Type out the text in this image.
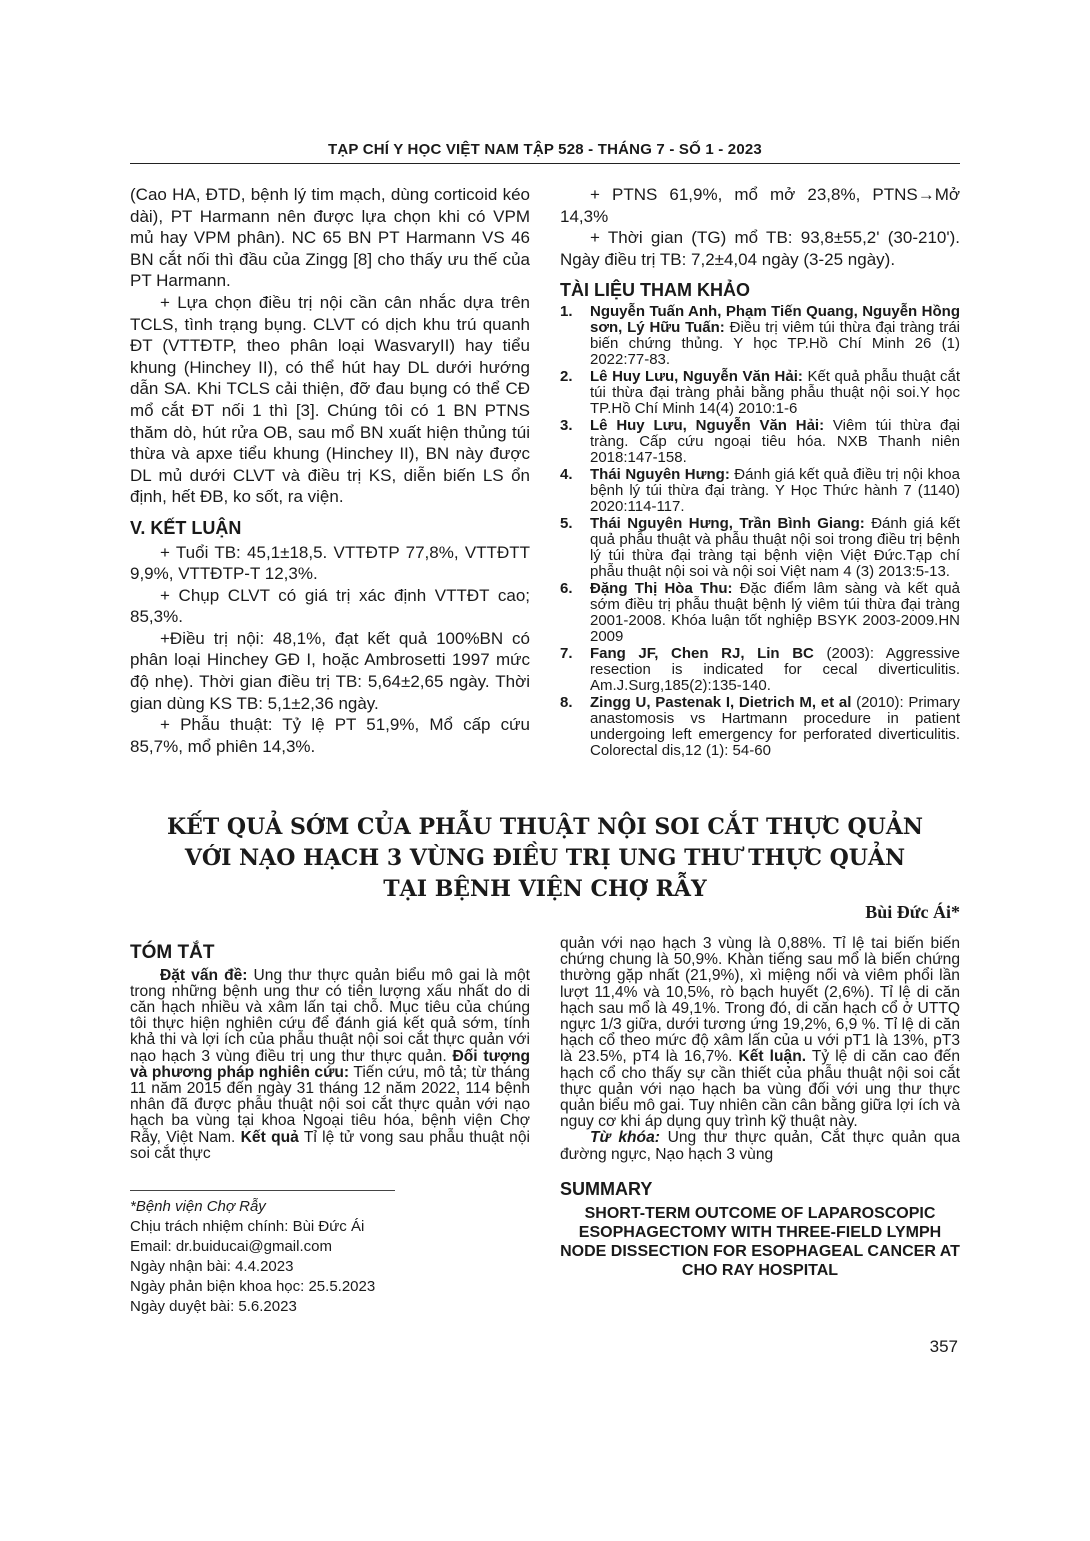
TẠP CHÍ Y HỌC VIỆT NAM TẬP 528 - THÁNG 7 - SỐ 1 - 2023

(Cao HA, ĐTD, bệnh lý tim mạch, dùng corticoid kéo dài), PT Harmann nên được lựa chọn khi có VPM mủ hay VPM phân). NC 65 BN PT Harmann VS 46 BN cắt nối thì đầu của Zingg [8] cho thấy ưu thế của PT Harmann.

+ Lựa chọn điều trị nội cần cân nhắc dựa trên TCLS, tình trạng bụng. CLVT có dịch khu trú quanh ĐT (VTTĐTP, theo phân loại WasvaryII) hay tiểu khung (Hinchey II), có thể hút hay DL dưới hướng dẫn SA. Khi TCLS cải thiện, đỡ đau bụng có thể CĐ mổ cắt ĐT nối 1 thì [3]. Chúng tôi có 1 BN PTNS thăm dò, hút rửa OB, sau mổ BN xuất hiện thủng túi thừa và apxe tiểu khung (Hinchey II), BN này được DL mủ dưới CLVT và điều trị KS, diễn biến LS ổn định, hết ĐB, ko sốt, ra viện.

V. KẾT LUẬN

+ Tuổi TB: 45,1±18,5. VTTĐTP 77,8%, VTTĐTT 9,9%, VTTĐTP-T 12,3%.

+ Chụp CLVT có giá trị xác định VTTĐT cao; 85,3%.

+Điều trị nội: 48,1%, đạt kết quả 100%BN có phân loại Hinchey GĐ I, hoặc Ambrosetti 1997 mức độ nhẹ). Thời gian điều trị TB: 5,64±2,65 ngày. Thời gian dùng KS TB: 5,1±2,36 ngày.

+ Phẫu thuật: Tỷ lệ PT 51,9%, Mổ cấp cứu 85,7%, mổ phiên 14,3%.

+ PTNS 61,9%, mổ mở 23,8%, PTNS→Mở 14,3%

+ Thời gian (TG) mổ TB: 93,8±55,2' (30-210'). Ngày điều trị TB: 7,2±4,04 ngày (3-25 ngày).

TÀI LIỆU THAM KHẢO
1.	Nguyễn Tuấn Anh, Phạm Tiến Quang, Nguyễn Hồng sơn, Lý Hữu Tuấn: Điều trị viêm túi thừa đại tràng trái biến chứng thủng. Y học TP.Hồ Chí Minh 26 (1) 2022:77-83.
2.	Lê Huy Lưu, Nguyễn Văn Hải: Kết quả phẫu thuật cắt túi thừa đại tràng phải bằng phẫu thuật nội soi.Y học TP.Hồ Chí Minh 14(4) 2010:1-6
3.	Lê Huy Lưu, Nguyễn Văn Hải: Viêm túi thừa đại tràng. Cấp cứu ngoại tiêu hóa. NXB Thanh niên 2018:147-158.
4.	Thái Nguyên Hưng: Đánh giá kết quả điều trị nội khoa bệnh lý túi thừa đại tràng. Y Học Thức hành 7 (1140) 2020:114-117.
5.	Thái Nguyên Hưng, Trần Bình Giang: Đánh giá kết quả phẫu thuật và phẫu thuật nội soi trong điều trị bệnh lý túi thừa đại tràng tại bệnh viện Việt Đức.Tạp chí phẫu thuật nội soi và nội soi Việt nam 4 (3) 2013:5-13.
6.	Đặng Thị Hòa Thu: Đặc điểm lâm sàng và kết quả sớm điều trị phẫu thuật bệnh lý viêm túi thừa đại tràng 2001-2008. Khóa luận tốt nghiệp BSYK 2003-2009.HN 2009
7.	Fang JF, Chen RJ, Lin BC (2003): Aggressive resection is indicated for cecal diverticulitis. Am.J.Surg,185(2):135-140.
8.	Zingg U, Pastenak I, Dietrich M, et al (2010): Primary anastomosis vs Hartmann procedure in patient undergoing left emergency for perforated diverticulitis. Colorectal dis,12 (1): 54-60
KẾT QUẢ SỚM CỦA PHẪU THUẬT NỘI SOI CẮT THỰC QUẢN
VỚI NẠO HẠCH 3 VÙNG ĐIỀU TRỊ UNG THƯ THỰC QUẢN
TẠI BỆNH VIỆN CHỢ RẪY
Bùi Đức Ái*
TÓM TẮT

Đặt vấn đề: Ung thư thực quản biểu mô gai là một trong những bệnh ung thư có tiên lượng xấu nhất do di căn hạch nhiều và xâm lấn tại chỗ. Mục tiêu của chúng tôi thực hiện nghiên cứu để đánh giá kết quả sớm, tính khả thi và lợi ích của phẫu thuật nội soi cắt thực quản với nạo hạch 3 vùng điều trị ung thư thực quản. Đối tượng và phương pháp nghiên cứu: Tiến cứu, mô tả; từ tháng 11 năm 2015 đến ngày 31 tháng 12 năm 2022, 114 bệnh nhân đã được phẫu thuật nội soi cắt thực quản với nạo hạch ba vùng tại khoa Ngoại tiêu hóa, bệnh viện Chợ Rẫy, Việt Nam. Kết quả Tỉ lệ tử vong sau phẫu thuật nội soi cắt thực

*Bệnh viện Chợ Rẫy
Chịu trách nhiệm chính: Bùi Đức Ái
Email: dr.buiducai@gmail.com
Ngày nhận bài: 4.4.2023
Ngày phản biện khoa học: 25.5.2023
Ngày duyệt bài: 5.6.2023

quản với nạo hạch 3 vùng là 0,88%. Tỉ lệ tai biến biến chứng chung là 50,9%. Khàn tiếng sau mổ là biến chứng thường gặp nhất (21,9%), xì miệng nối và viêm phổi lần lượt 11,4% và 10,5%, rò bạch huyết (2,6%). Tỉ lệ di căn hạch sau mổ là 49,1%. Trong đó, di căn hạch cổ ở UTTQ ngực 1/3 giữa, dưới tương ứng 19,2%, 6,9 %. Tỉ lệ di căn hạch cổ theo mức độ xâm lấn của u với pT1 là 13%, pT3 là 23.5%, pT4 là 16,7%. Kết luận. Tỷ lệ di căn cao đến hạch cổ cho thấy sự cần thiết của phẫu thuật nội soi cắt thực quản với nạo hạch ba vùng đối với ung thư thực quản biểu mô gai. Tuy nhiên cần cân bằng giữa lợi ích và nguy cơ khi áp dụng quy trình kỹ thuật này.

Từ khóa: Ung thư thực quản, Cắt thực quản qua đường ngực, Nạo hạch 3 vùng

SUMMARY
SHORT-TERM OUTCOME OF LAPAROSCOPIC ESOPHAGECTOMY WITH THREE-FIELD LYMPH NODE DISSECTION FOR ESOPHAGEAL CANCER AT CHO RAY HOSPITAL
357
